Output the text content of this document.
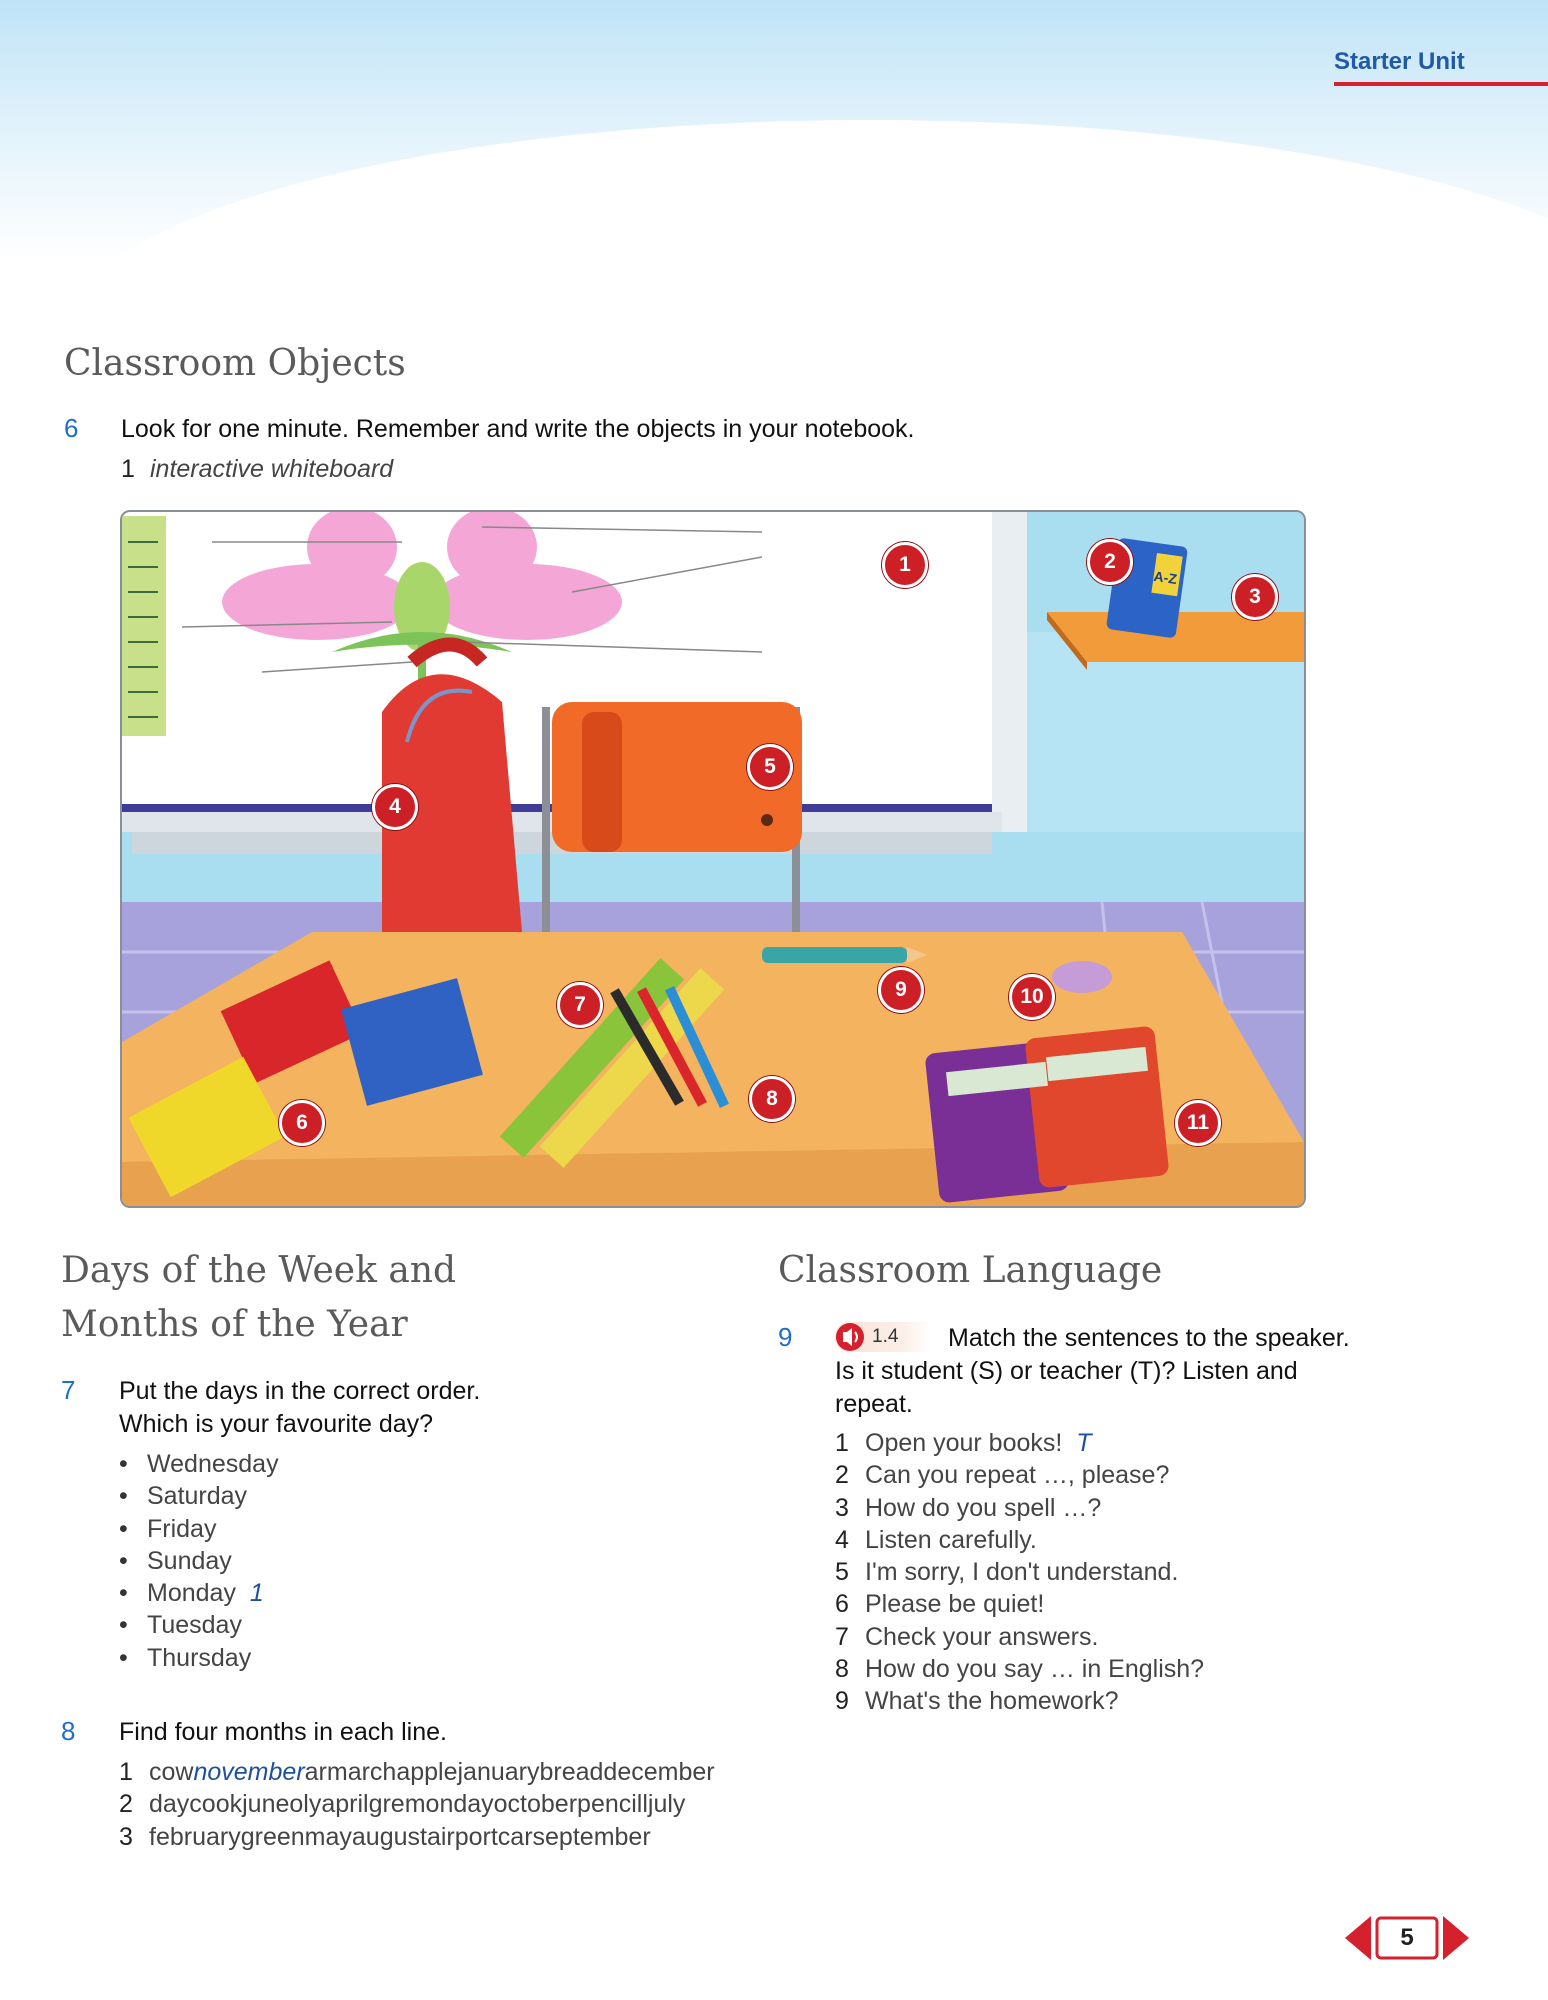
Starter Unit
Classroom Objects
6 Look for one minute. Remember and write the objects in your notebook.
1 interactive whiteboard
A-Z
1	2
3
4
5
6
7
8
9	10
11
Days of the Week and
Months of the Year
7 Put the days in the correct order.
Which is your favourite day?
• Wednesday
• Saturday
• Friday
• Sunday
• Monday 1
• Tuesday
• Thursday
8 Find four months in each line.
1 cownovemberarmarchapplejanuarybreaddecember
2 daycookjuneolyaprilgremondayoctoberpencilljuly
3 februarygreenmayaugustairportcarseptember
Classroom Language
9	1.4 Match the sentences to the speaker.
Is it student (S) or teacher (T)? Listen and
repeat.
1 Open your books! T
2 Can you repeat …, please?
3 How do you spell …?
4 Listen carefully.
5 I'm sorry, I don't understand.
6 Please be quiet!
7 Check your answers.
8 How do you say … in English?
9 What's the homework?
5
